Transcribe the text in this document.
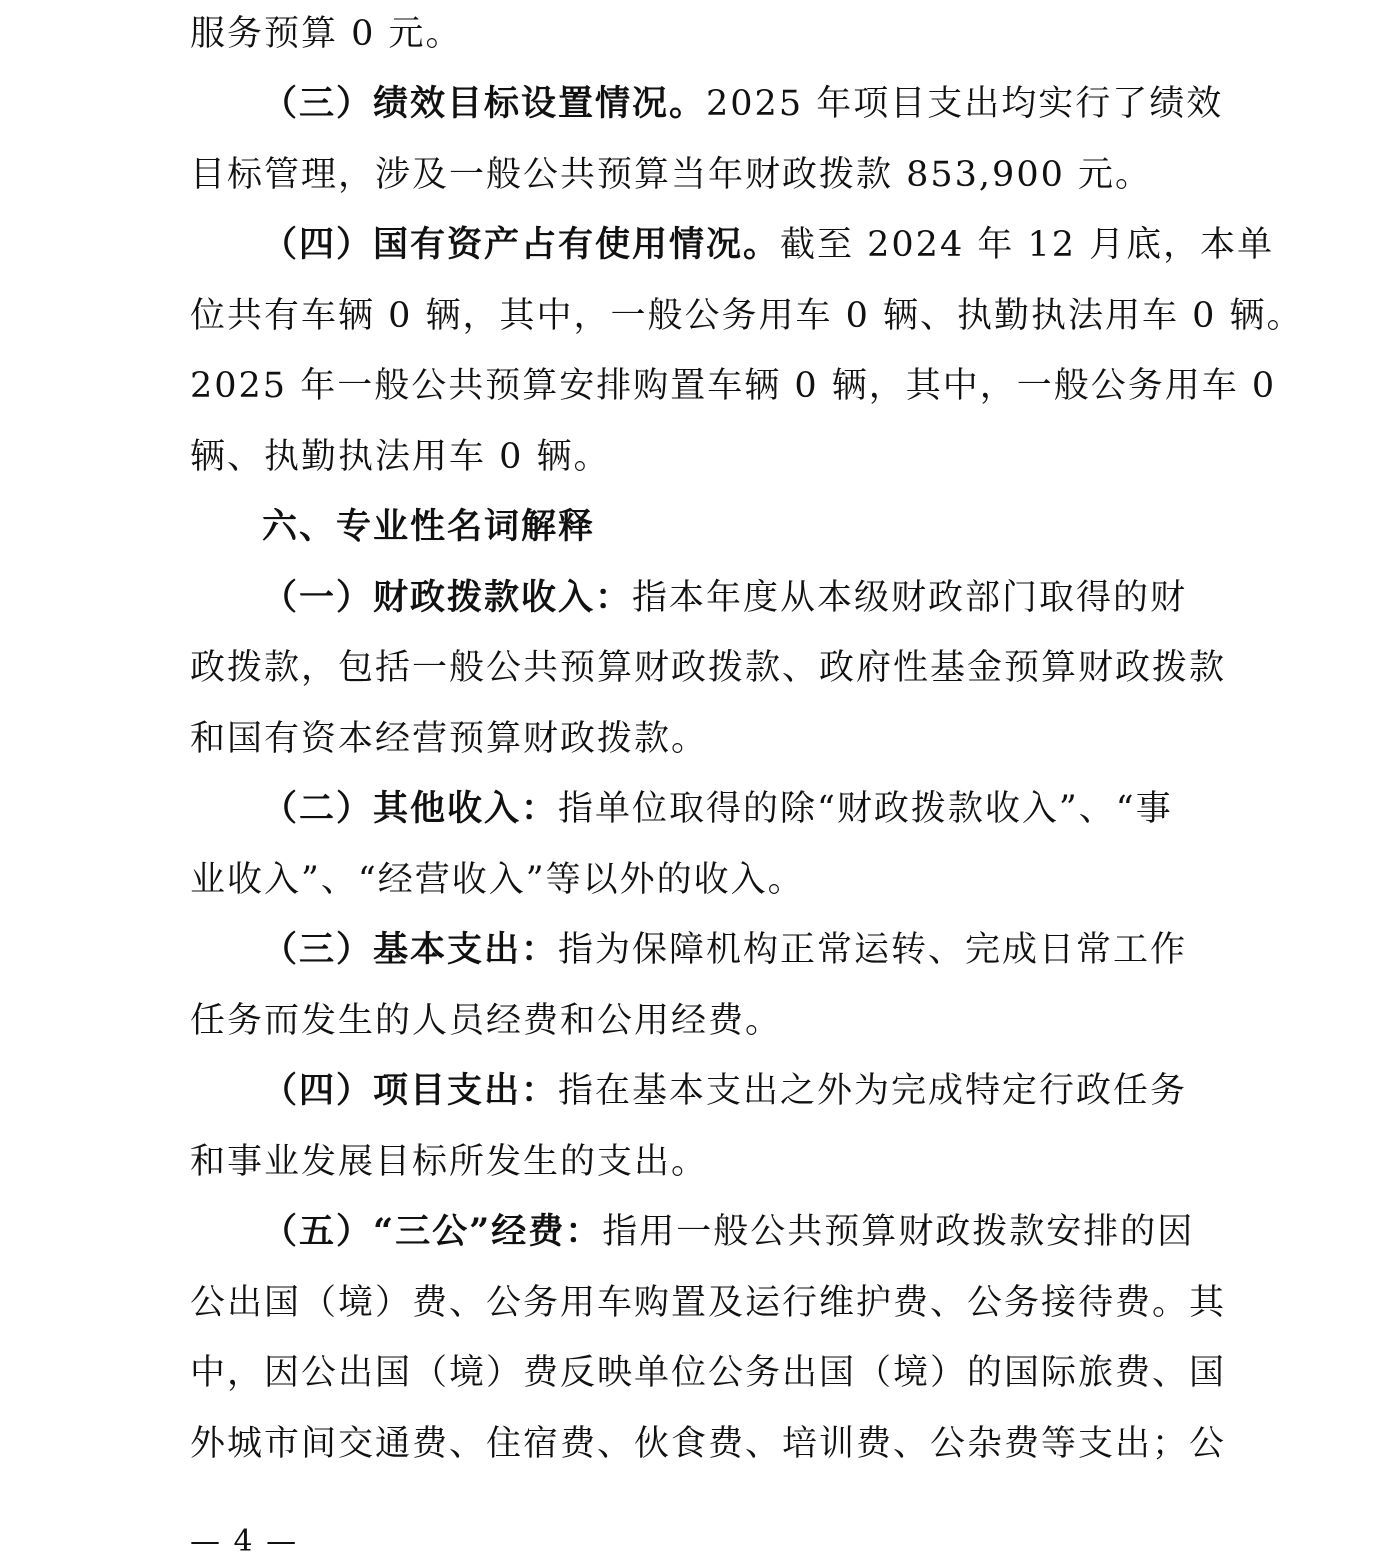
服务预算 0 元。
（三）绩效目标设置情况。2025 年项目支出均实行了绩效
目标管理，涉及一般公共预算当年财政拨款 853,900 元。
（四）国有资产占有使用情况。截至 2024 年 12 月底，本单
位共有车辆 0 辆，其中，一般公务用车 0 辆、执勤执法用车 0 辆。
2025 年一般公共预算安排购置车辆 0 辆，其中，一般公务用车 0
辆、执勤执法用车 0 辆。
六、专业性名词解释
（一）财政拨款收入：指本年度从本级财政部门取得的财
政拨款，包括一般公共预算财政拨款、政府性基金预算财政拨款
和国有资本经营预算财政拨款。
（二）其他收入：指单位取得的除“财政拨款收入”、“事
业收入”、“经营收入”等以外的收入。
（三）基本支出：指为保障机构正常运转、完成日常工作
任务而发生的人员经费和公用经费。
（四）项目支出：指在基本支出之外为完成特定行政任务
和事业发展目标所发生的支出。
（五）“三公”经费：指用一般公共预算财政拨款安排的因
公出国（境）费、公务用车购置及运行维护费、公务接待费。其
中，因公出国（境）费反映单位公务出国（境）的国际旅费、国
外城市间交通费、住宿费、伙食费、培训费、公杂费等支出；公
— 4 —
